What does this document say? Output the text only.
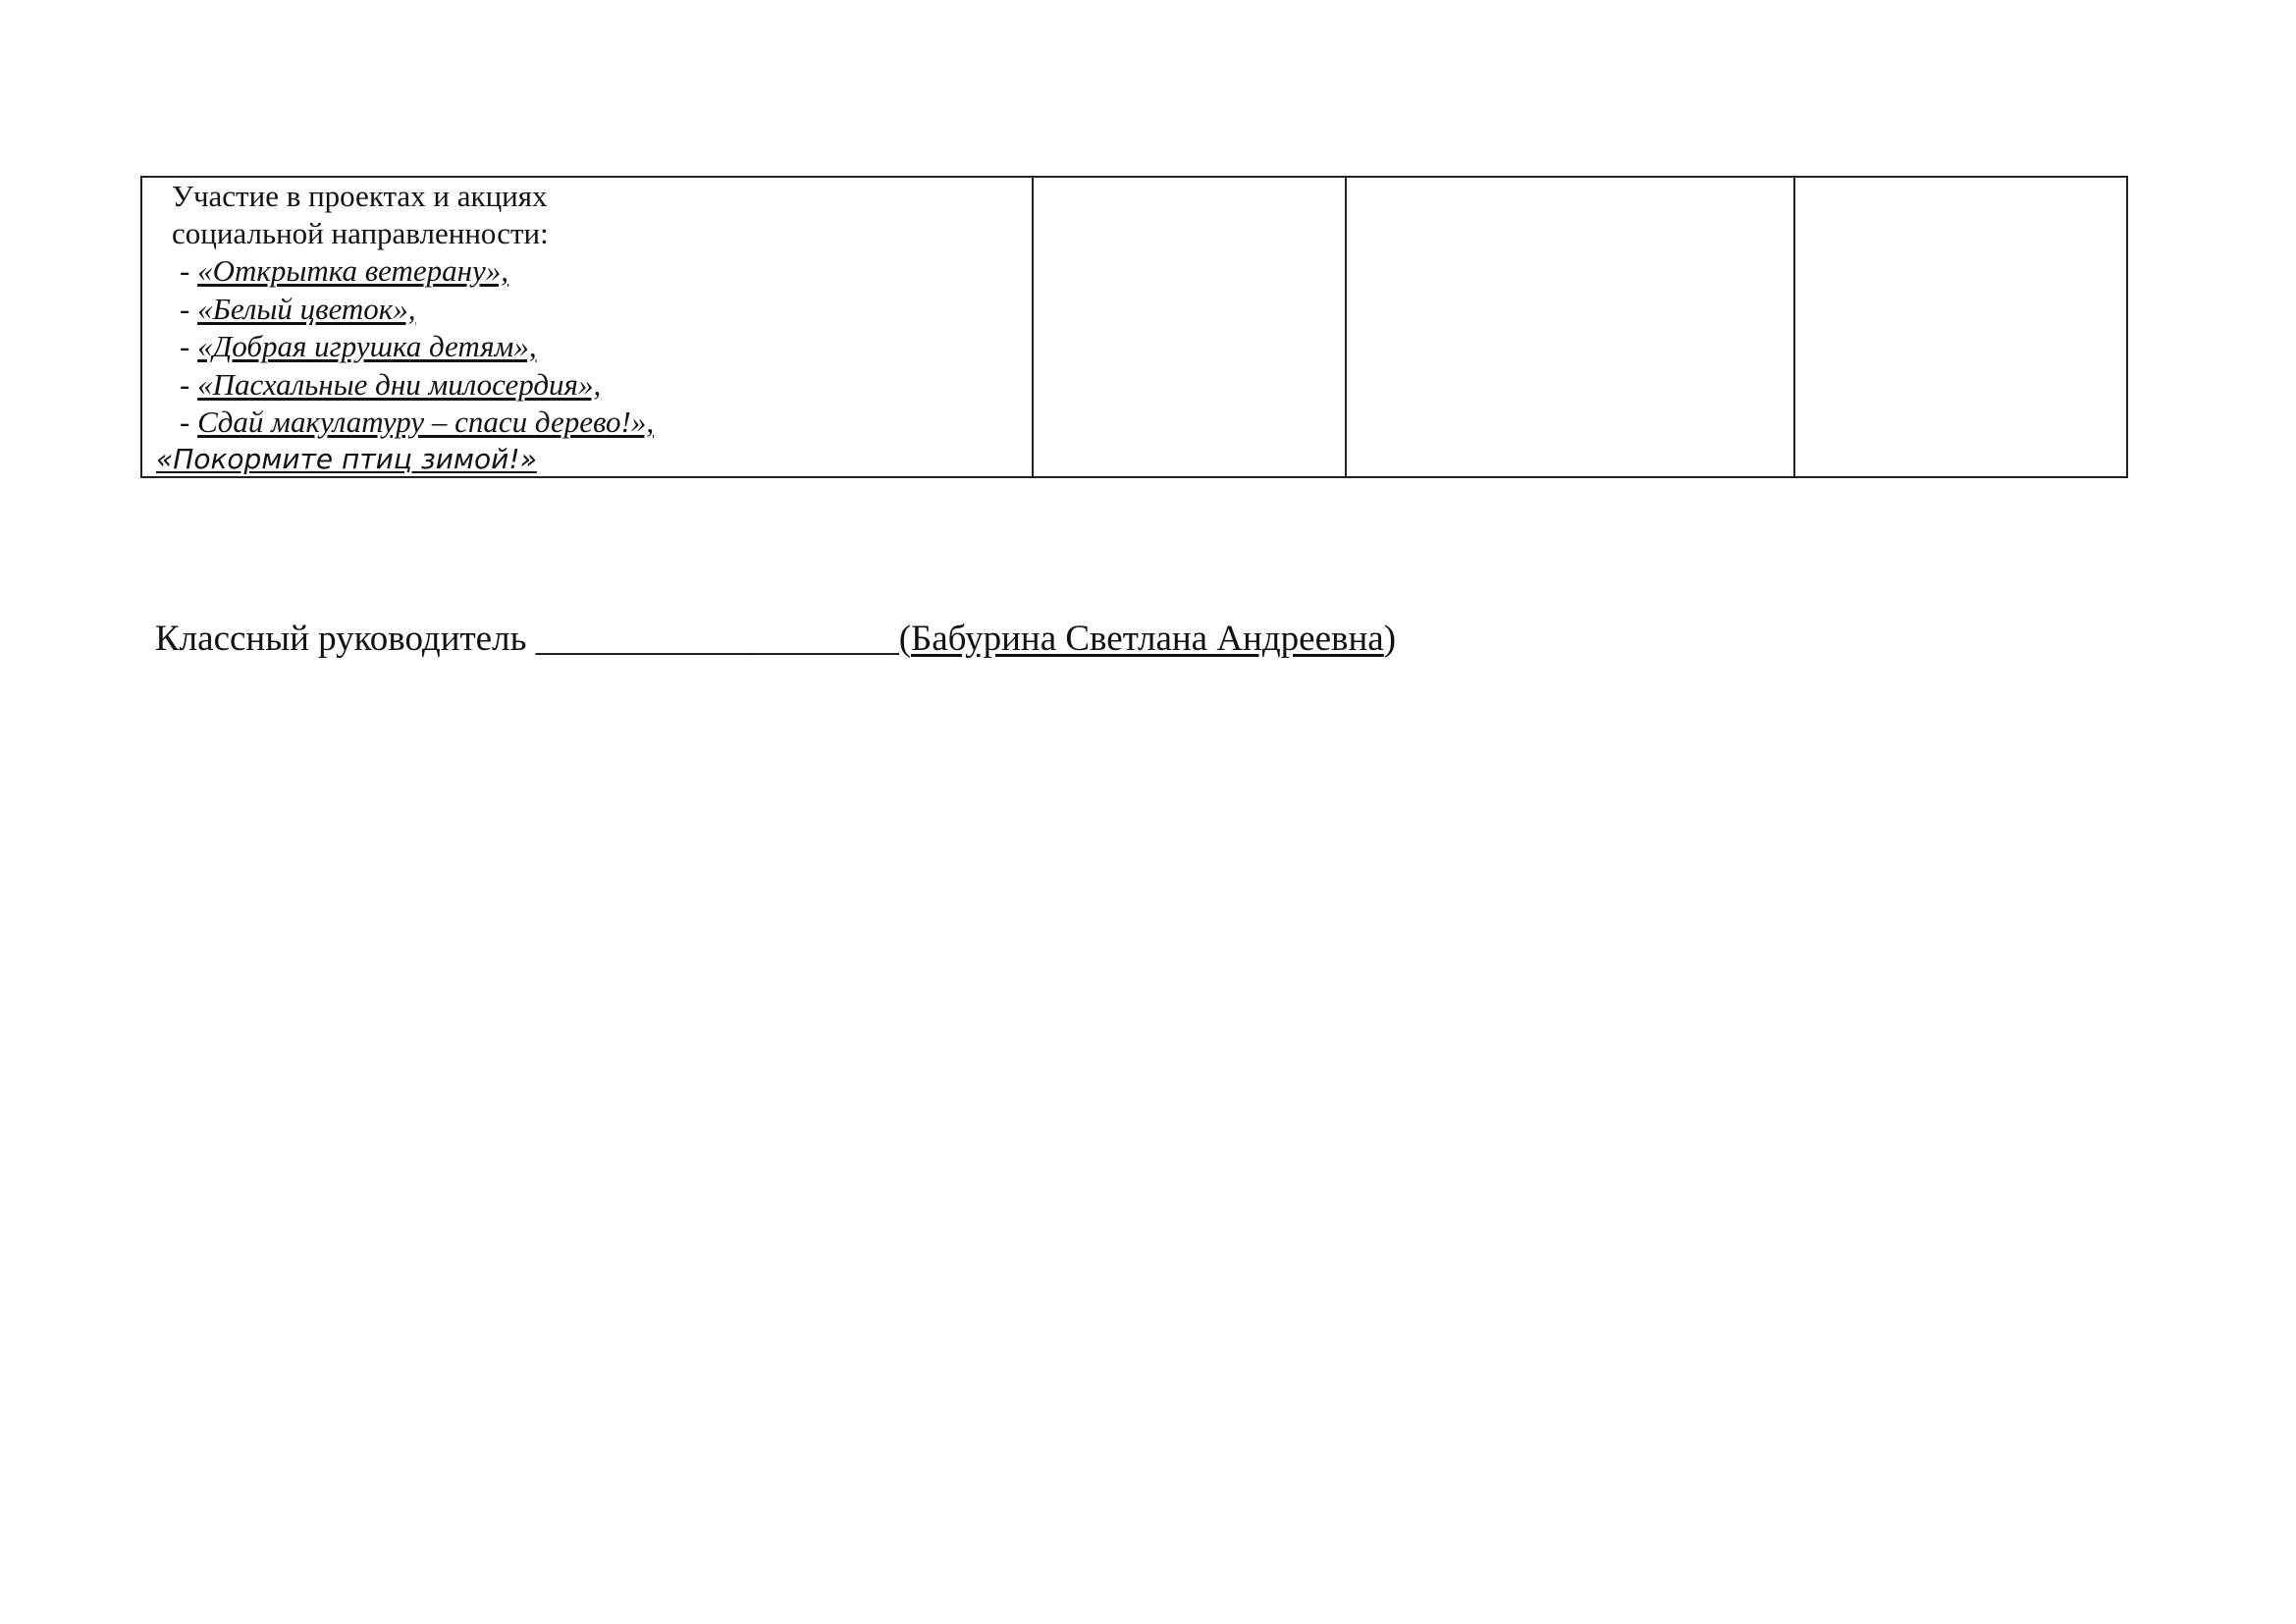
Участие в проектах и акциях
социальной направленности:
- «Открытка ветерану»,
- «Белый цветок»,
- «Добрая игрушка детям»,
- «Пасхальные дни милосердия»,
- Сдай макулатуру – спаси дерево!»,
«Покормите птиц зимой!»

Классный руководитель ____________________(Бабурина Светлана Андреевна)
